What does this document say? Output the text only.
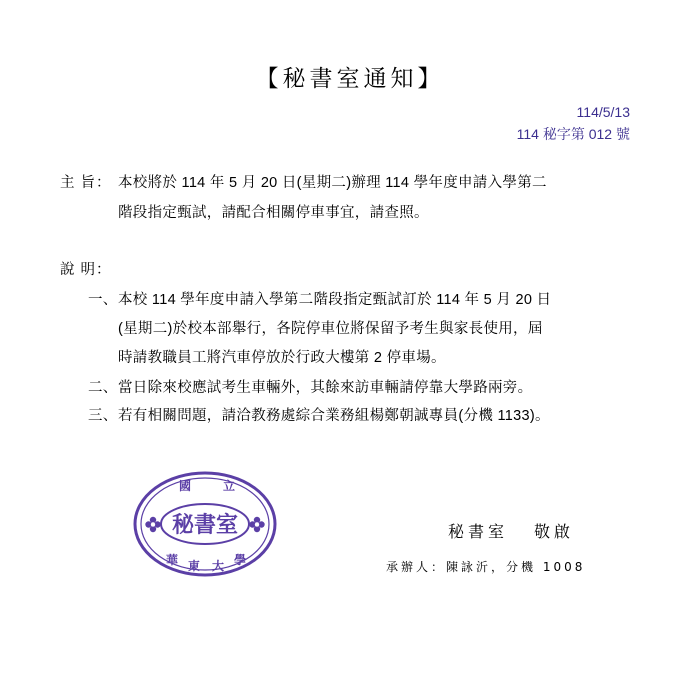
【秘書室通知】
114/5/13
114 秘字第 012 號
主 旨： 本校將於 114 年 5 月 20 日(星期二)辦理 114 學年度申請入學第二
階段指定甄試，請配合相關停車事宜，請查照。
說 明：
一、 本校 114 學年度申請入學第二階段指定甄試訂於 114 年 5 月 20 日
(星期二)於校本部舉行，各院停車位將保留予考生與家長使用，屆
時請教職員工將汽車停放於行政大樓第 2 停車場。
二、 當日除來校應試考生車輛外，其餘來訪車輛請停靠大學路兩旁。
三、 若有相關問題，請洽教務處綜合業務組楊鄭朝誠專員(分機 1133)。
秘書室
國	立
華 東 大 學
秘書室 敬啟
承辦人：陳詠沂，分機 1008
